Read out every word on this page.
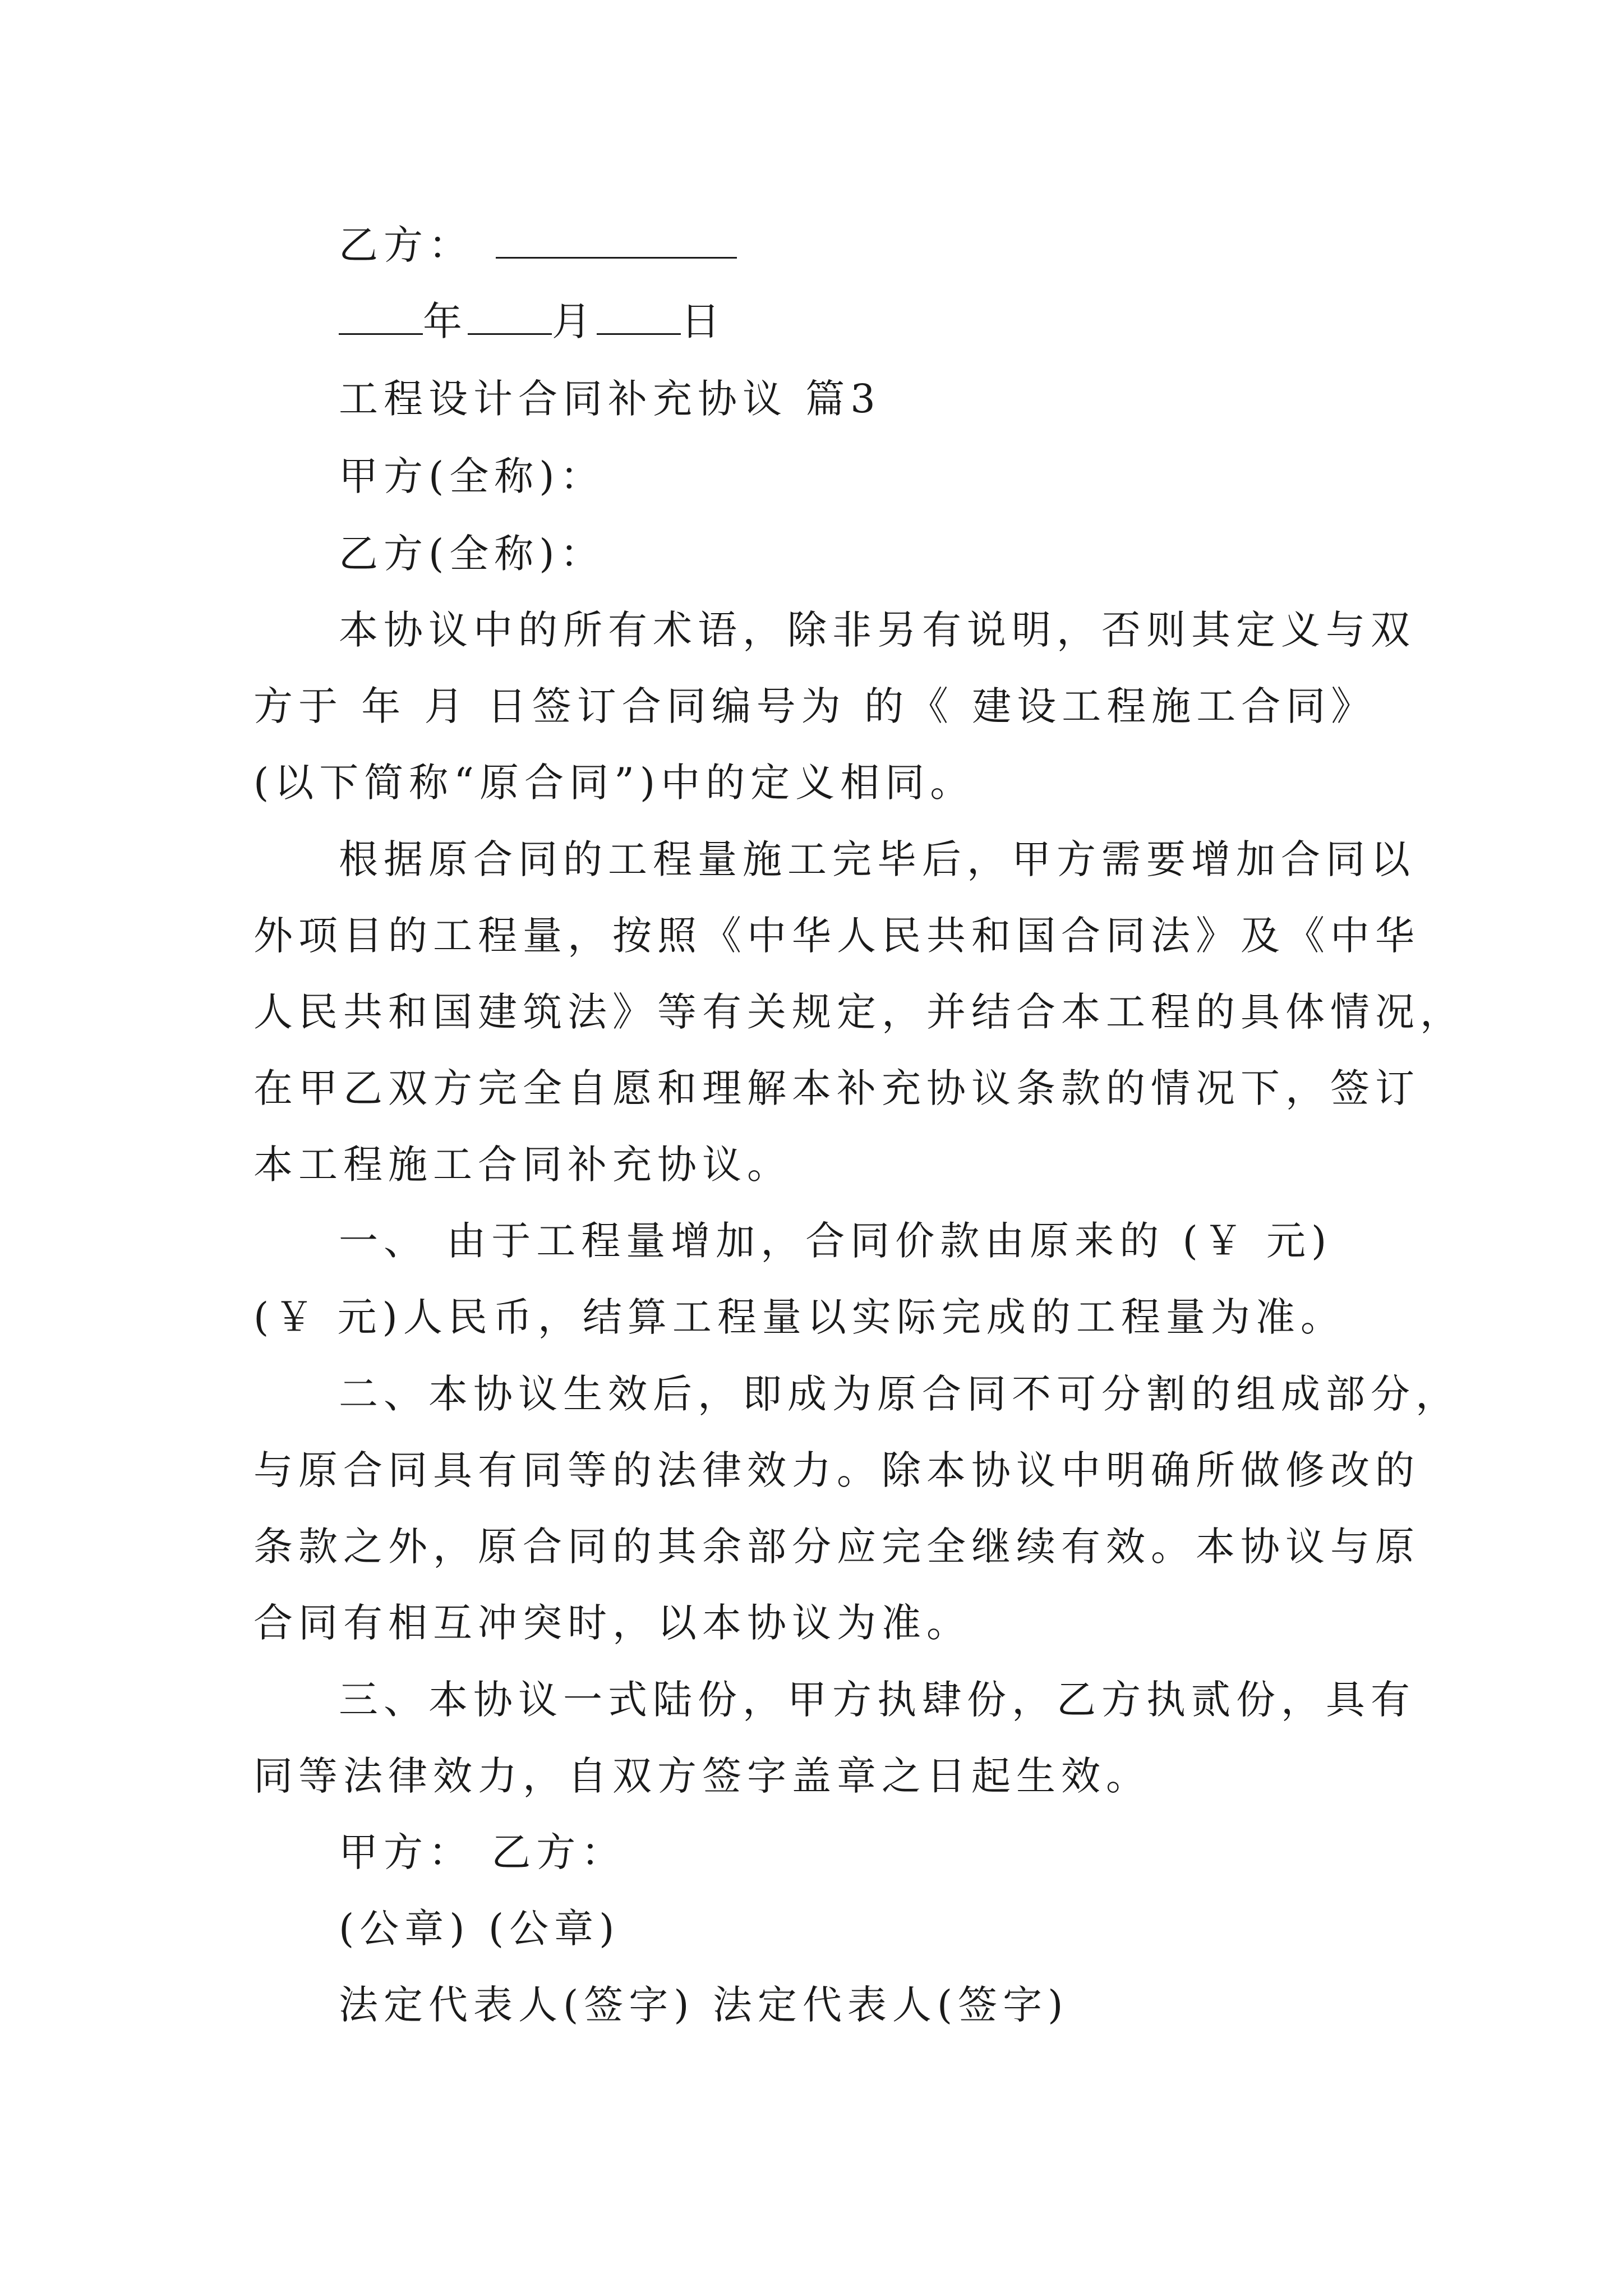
乙方：
年 月 日
工程设计合同补充协议 篇3
甲方(全称)：
乙方(全称)：
本协议中的所有术语，除非另有说明，否则其定义与双
方于 年 月 日签订合同编号为 的《 建设工程施工合同》
(以下简称“原合同”)中的定义相同。
根据原合同的工程量施工完毕后，甲方需要增加合同以
外项目的工程量，按照《中华人民共和国合同法》及《中华
人民共和国建筑法》等有关规定，并结合本工程的具体情况，
在甲乙双方完全自愿和理解本补充协议条款的情况下，签订
本工程施工合同补充协议。
一、 由于工程量增加，合同价款由原来的 (￥ 元)
(￥ 元)人民币，结算工程量以实际完成的工程量为准。
二、本协议生效后，即成为原合同不可分割的组成部分，
与原合同具有同等的法律效力。除本协议中明确所做修改的
条款之外，原合同的其余部分应完全继续有效。本协议与原
合同有相互冲突时，以本协议为准。
三、本协议一式陆份，甲方执肆份，乙方执贰份，具有
同等法律效力，自双方签字盖章之日起生效。
甲方： 乙方：
(公章) (公章)
法定代表人(签字) 法定代表人(签字)
